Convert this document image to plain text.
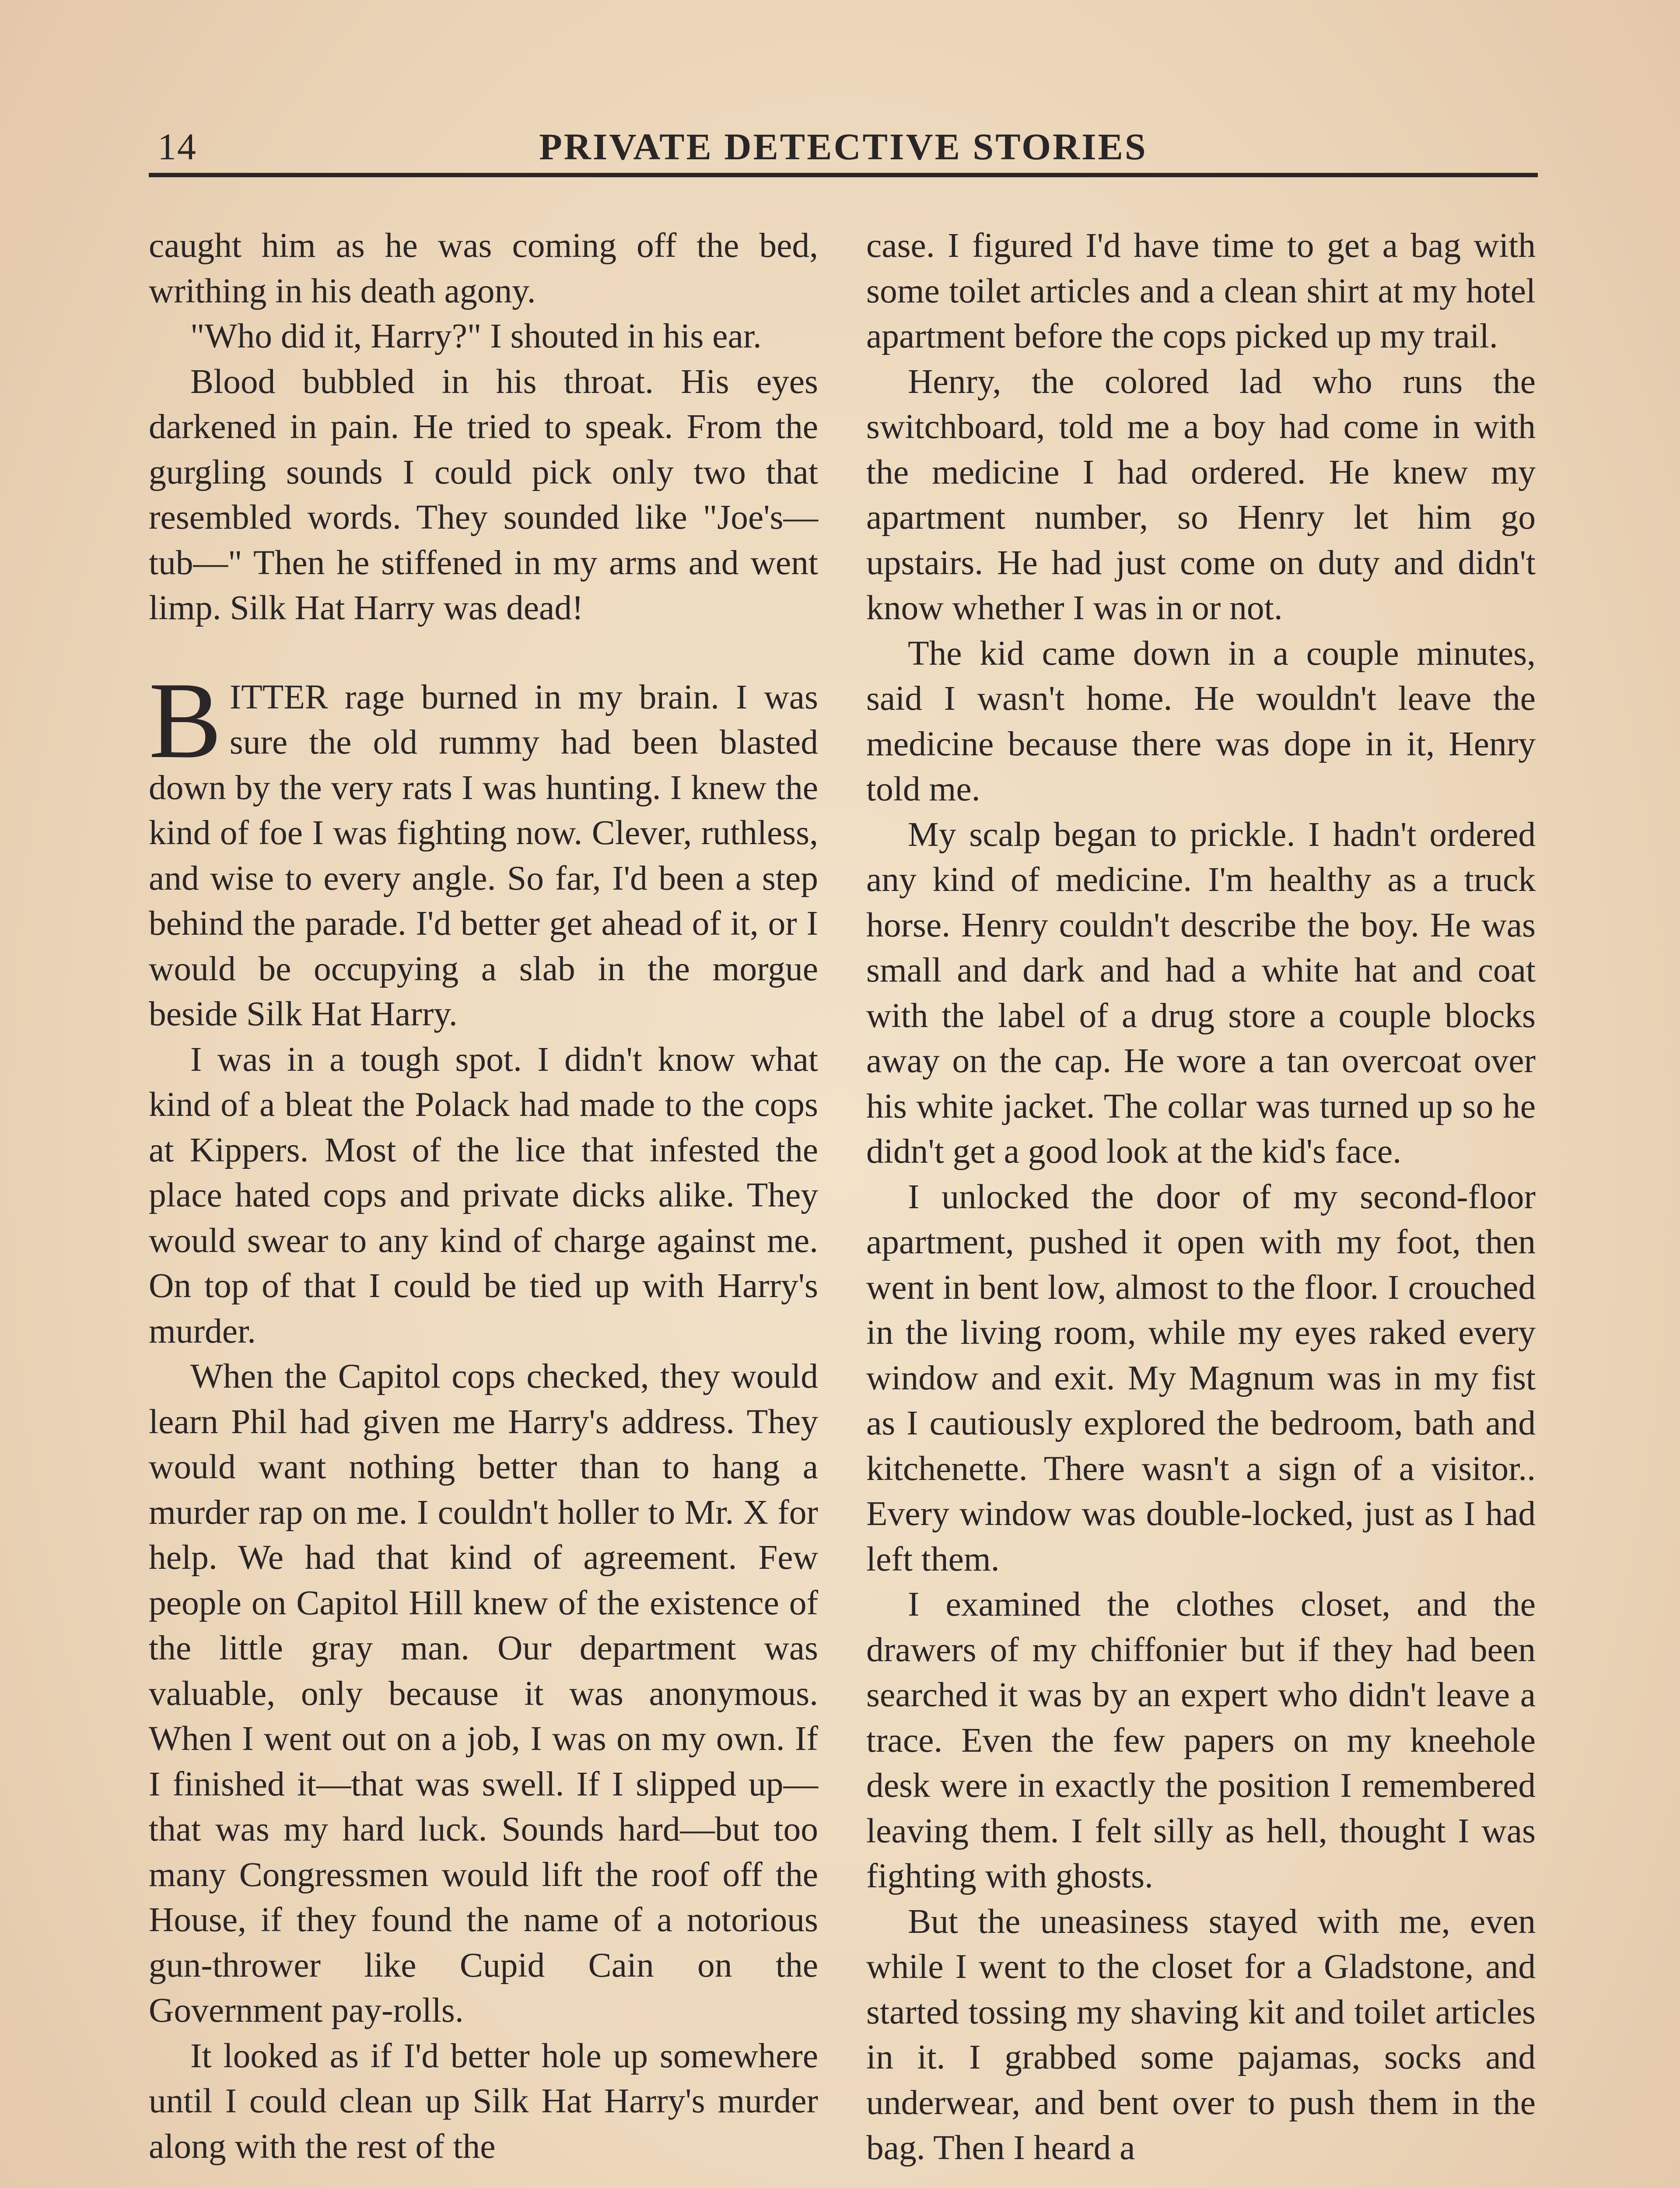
14	PRIVATE DETECTIVE STORIES

caught him as he was coming off the bed, writhing in his death agony.

"Who did it, Harry?" I shouted in his ear.

Blood bubbled in his throat. His eyes darkened in pain. He tried to speak. From the gurgling sounds I could pick only two that resembled words. They sounded like "Joe's—tub—" Then he stiffened in my arms and went limp. Silk Hat Harry was dead!

BITTER rage burned in my brain. I was sure the old rummy had been blasted down by the very rats I was hunting. I knew the kind of foe I was fighting now. Clever, ruthless, and wise to every angle. So far, I'd been a step behind the parade. I'd better get ahead of it, or I would be occupying a slab in the morgue beside Silk Hat Harry.

I was in a tough spot. I didn't know what kind of a bleat the Polack had made to the cops at Kippers. Most of the lice that infested the place hated cops and private dicks alike. They would swear to any kind of charge against me. On top of that I could be tied up with Harry's murder.

When the Capitol cops checked, they would learn Phil had given me Harry's address. They would want nothing better than to hang a murder rap on me. I couldn't holler to Mr. X for help. We had that kind of agreement. Few people on Capitol Hill knew of the existence of the little gray man. Our department was valuable, only because it was anonymous. When I went out on a job, I was on my own. If I finished it—that was swell. If I slipped up—that was my hard luck. Sounds hard—but too many Congressmen would lift the roof off the House, if they found the name of a notorious gun-thrower like Cupid Cain on the Government pay-rolls.

It looked as if I'd better hole up somewhere until I could clean up Silk Hat Harry's murder along with the rest of the

case. I figured I'd have time to get a bag with some toilet articles and a clean shirt at my hotel apartment before the cops picked up my trail.

Henry, the colored lad who runs the switchboard, told me a boy had come in with the medicine I had ordered. He knew my apartment number, so Henry let him go upstairs. He had just come on duty and didn't know whether I was in or not.

The kid came down in a couple minutes, said I wasn't home. He wouldn't leave the medicine because there was dope in it, Henry told me.

My scalp began to prickle. I hadn't ordered any kind of medicine. I'm healthy as a truck horse. Henry couldn't describe the boy. He was small and dark and had a white hat and coat with the label of a drug store a couple blocks away on the cap. He wore a tan overcoat over his white jacket. The collar was turned up so he didn't get a good look at the kid's face.

I unlocked the door of my second-floor apartment, pushed it open with my foot, then went in bent low, almost to the floor. I crouched in the living room, while my eyes raked every window and exit. My Magnum was in my fist as I cautiously explored the bedroom, bath and kitchenette. There wasn't a sign of a visitor.. Every window was double-locked, just as I had left them.

I examined the clothes closet, and the drawers of my chiffonier but if they had been searched it was by an expert who didn't leave a trace. Even the few papers on my kneehole desk were in exactly the position I remembered leaving them. I felt silly as hell, thought I was fighting with ghosts.

But the uneasiness stayed with me, even while I went to the closet for a Gladstone, and started tossing my shaving kit and toilet articles in it. I grabbed some pajamas, socks and underwear, and bent over to push them in the bag. Then I heard a
